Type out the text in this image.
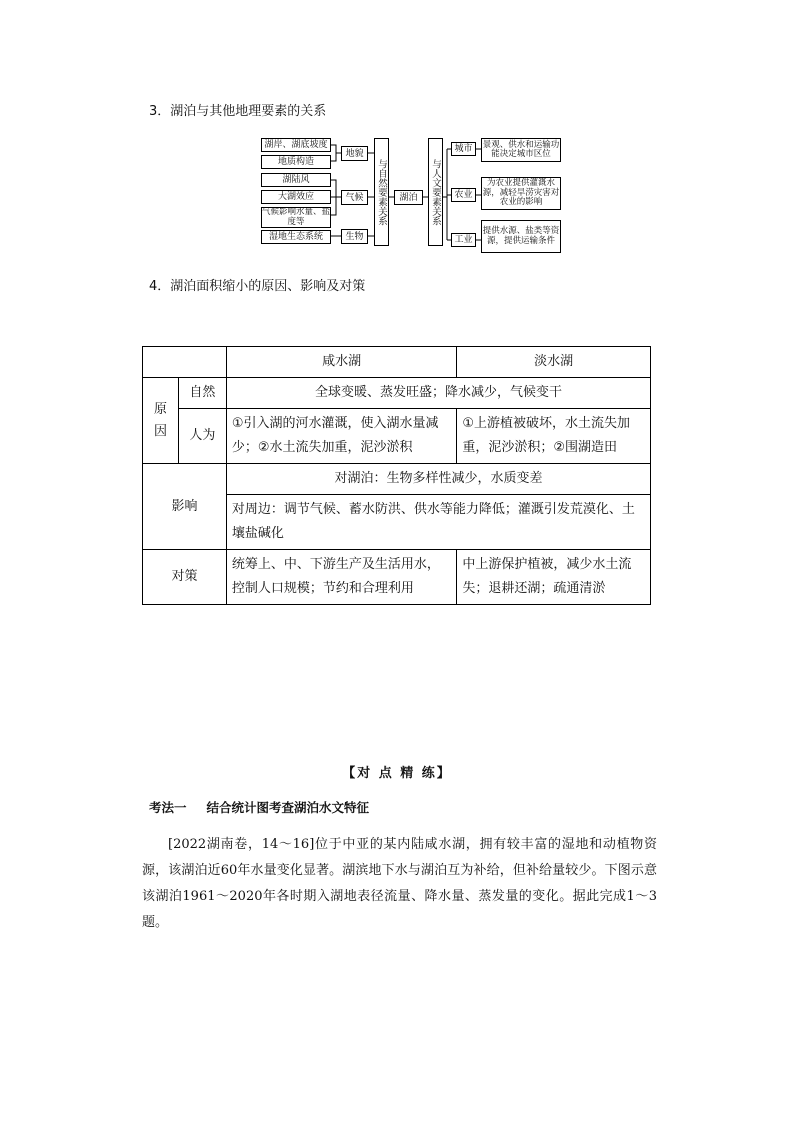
3．湖泊与其他地理要素的关系
湖岸、湖底坡度
地质构造
湖陆风
大湖效应
气候影响水量、盐度等
湿地生态系统
地貌
气候
生物
与自然要素关系	湖泊	与人文要素关系
城市
农业
工业
景观、供水和运输功能决定城市区位
为农业提供灌溉水源，减轻旱涝灾害对农业的影响
提供水源、盐类等资源，提供运输条件
4．湖泊面积缩小的原因、影响及对策
		咸水湖	淡水湖
原因	自然	全球变暖、蒸发旺盛；降水减少，气候变干	
	人为	①引入湖的河水灌溉，使入湖水量减少；②水土流失加重，泥沙淤积	①上游植被破坏，水土流失加重，泥沙淤积；②围湖造田
影响		对湖泊：生物多样性减少，水质变差	
		对周边：调节气候、蓄水防洪、供水等能力降低；灌溉引发荒漠化、土壤盐碱化	
对策		统筹上、中、下游生产及生活用水，控制人口规模；节约和合理利用	中上游保护植被，减少水土流失；退耕还湖；疏通清淤
【对 点 精 练】
考法一 结合统计图考查湖泊水文特征
[2022湖南卷，14～16]位于中亚的某内陆咸水湖，拥有较丰富的湿地和动植物资源，该湖泊近60年水量变化显著。湖滨地下水与湖泊互为补给，但补给量较少。下图示意该湖泊1961～2020年各时期入湖地表径流量、降水量、蒸发量的变化。据此完成1～3题。
